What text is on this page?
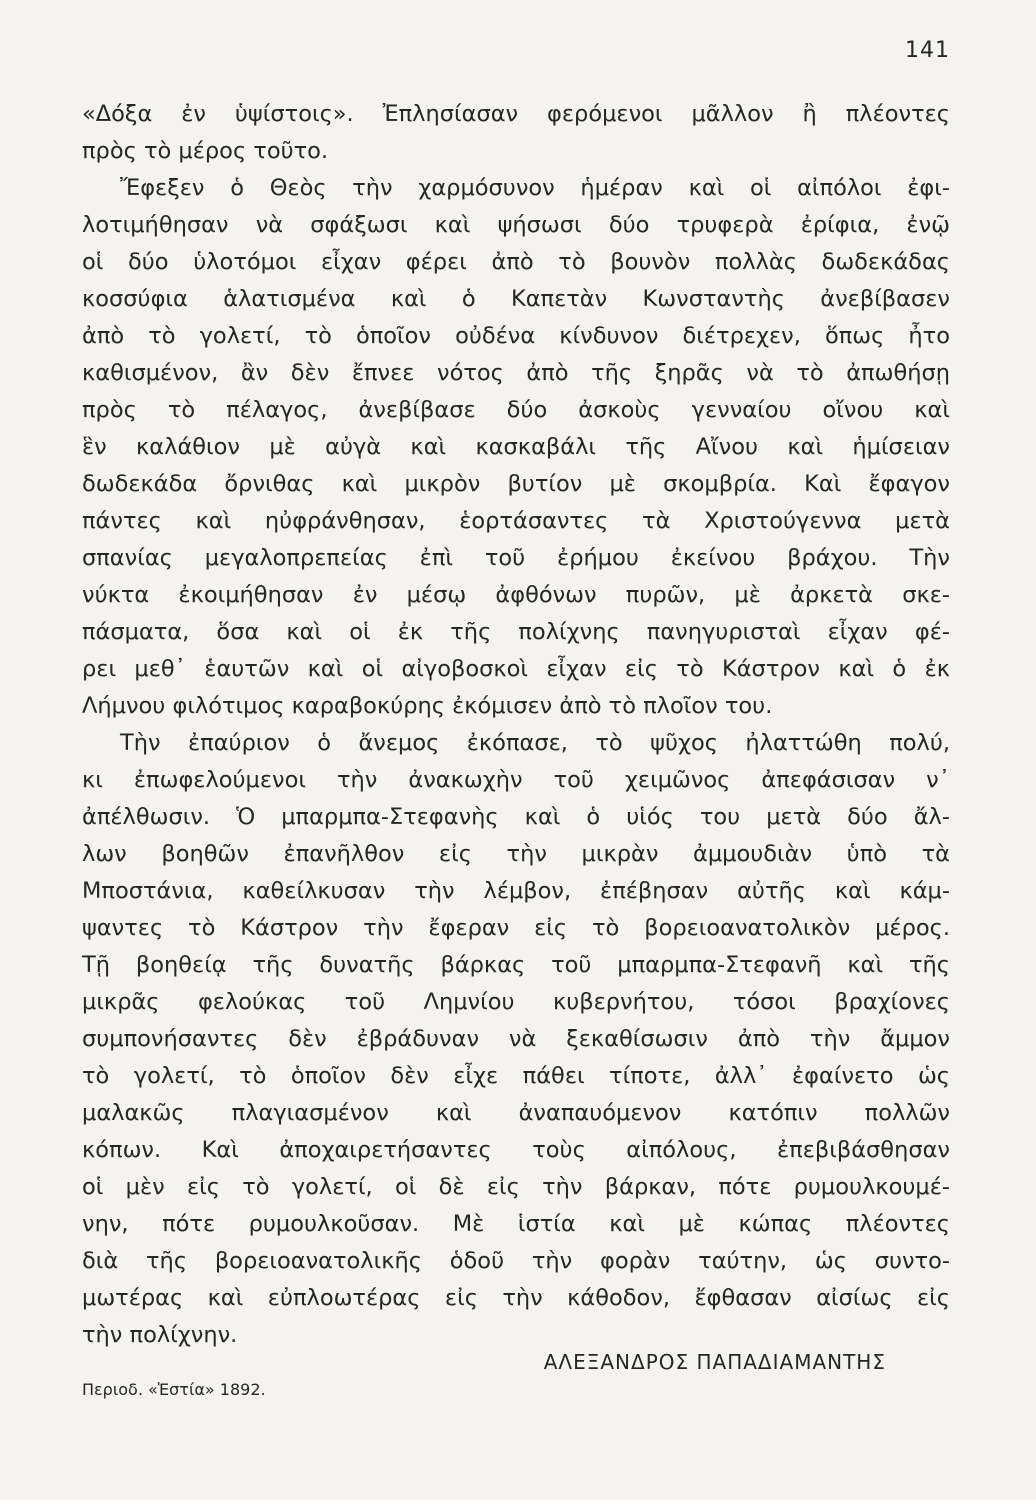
141
«Δόξα ἐν ὑψίστοις». Ἐπλησίασαν φερόμενοι μᾶλλον ἢ πλέοντες
πρὸς τὸ μέρος τοῦτο.
Ἔφεξεν ὁ Θεὸς τὴν χαρμόσυνον ἡμέραν καὶ οἱ αἰπόλοι ἐφι-
λοτιμήθησαν νὰ σφάξωσι καὶ ψήσωσι δύο τρυφερὰ ἐρίφια, ἐνῷ
οἱ δύο ὑλοτόμοι εἶχαν φέρει ἀπὸ τὸ βουνὸν πολλὰς δωδεκάδας
κοσσύφια ἁλατισμένα καὶ ὁ Καπετὰν Κωνσταντὴς ἀνεβίβασεν
ἀπὸ τὸ γολετί, τὸ ὁποῖον οὐδένα κίνδυνον διέτρεχεν, ὅπως ἦτο
καθισμένον, ἂν δὲν ἔπνεε νότος ἀπὸ τῆς ξηρᾶς νὰ τὸ ἀπωθήσῃ
πρὸς τὸ πέλαγος, ἀνεβίβασε δύο ἀσκοὺς γενναίου οἴνου καὶ
ἓν καλάθιον μὲ αὐγὰ καὶ κασκαβάλι τῆς Αἴνου καὶ ἡμίσειαν
δωδεκάδα ὄρνιθας καὶ μικρὸν βυτίον μὲ σκομβρία. Καὶ ἔφαγον
πάντες καὶ ηὐφράνθησαν, ἑορτάσαντες τὰ Χριστούγεννα μετὰ
σπανίας μεγαλοπρεπείας ἐπὶ τοῦ ἐρήμου ἐκείνου βράχου. Τὴν
νύκτα ἐκοιμήθησαν ἐν μέσῳ ἀφθόνων πυρῶν, μὲ ἀρκετὰ σκε-
πάσματα, ὅσα καὶ οἱ ἐκ τῆς πολίχνης πανηγυρισταὶ εἶχαν φέ-
ρει μεθ᾽ ἑαυτῶν καὶ οἱ αἰγοβοσκοὶ εἶχαν εἰς τὸ Κάστρον καὶ ὁ ἐκ
Λήμνου φιλότιμος καραβοκύρης ἐκόμισεν ἀπὸ τὸ πλοῖον του.
Τὴν ἐπαύριον ὁ ἄνεμος ἐκόπασε, τὸ ψῦχος ἠλαττώθη πολύ,
κι ἐπωφελούμενοι τὴν ἀνακωχὴν τοῦ χειμῶνος ἀπεφάσισαν ν᾽
ἀπέλθωσιν. Ὁ μπαρμπα-Στεφανὴς καὶ ὁ υἱός του μετὰ δύο ἄλ-
λων βοηθῶν ἐπανῆλθον εἰς τὴν μικρὰν ἀμμουδιὰν ὑπὸ τὰ
Μποστάνια, καθείλκυσαν τὴν λέμβον, ἐπέβησαν αὐτῆς καὶ κάμ-
ψαντες τὸ Κάστρον τὴν ἔφεραν εἰς τὸ βορειοανατολικὸν μέρος.
Τῇ βοηθείᾳ τῆς δυνατῆς βάρκας τοῦ μπαρμπα-Στεφανῆ καὶ τῆς
μικρᾶς φελούκας τοῦ Λημνίου κυβερνήτου, τόσοι βραχίονες
συμπονήσαντες δὲν ἐβράδυναν νὰ ξεκαθίσωσιν ἀπὸ τὴν ἄμμον
τὸ γολετί, τὸ ὁποῖον δὲν εἶχε πάθει τίποτε, ἀλλ᾽ ἐφαίνετο ὡς
μαλακῶς πλαγιασμένον καὶ ἀναπαυόμενον κατόπιν πολλῶν
κόπων. Καὶ ἀποχαιρετήσαντες τοὺς αἰπόλους, ἐπεβιβάσθησαν
οἱ μὲν εἰς τὸ γολετί, οἱ δὲ εἰς τὴν βάρκαν, πότε ρυμουλκουμέ-
νην, πότε ρυμουλκοῦσαν. Μὲ ἱστία καὶ μὲ κώπας πλέοντες
διὰ τῆς βορειοανατολικῆς ὁδοῦ τὴν φορὰν ταύτην, ὡς συντο-
μωτέρας καὶ εὐπλοωτέρας εἰς τὴν κάθοδον, ἔφθασαν αἰσίως εἰς
τὴν πολίχνην.
ΑΛΕΞΑΝΔΡΟΣ ΠΑΠΑΔΙΑΜΑΝΤΗΣ
Περιοδ. «Ἑστία» 1892.
